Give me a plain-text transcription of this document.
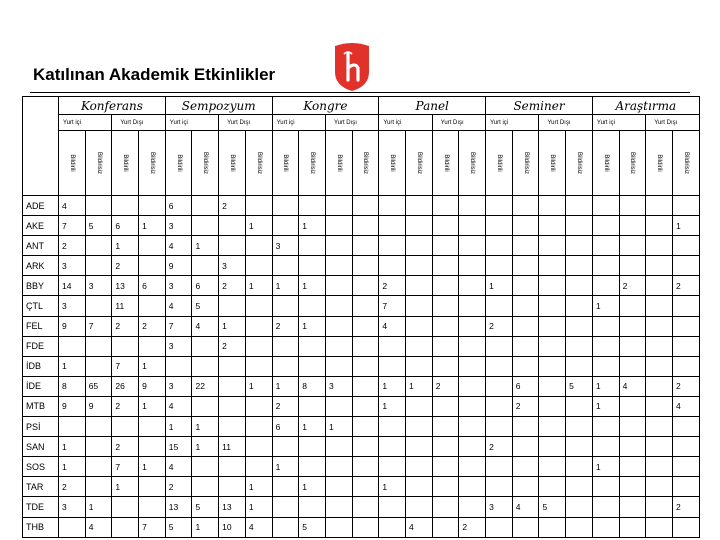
Katılınan Akademik Etkinlikler
	Konferans				Sempozyum				Kongre				Panel				Seminer				Araştırma			

	Yurt içi		Yurt Dışı		Yurt içi		Yurt Dışı		Yurt içi		Yurt Dışı		Yurt içi		Yurt Dışı		Yurt içi		Yurt Dışı		Yurt içi		Yurt Dışı	

	Bildirili	Bildirisiz	Bildirili	Bildirisiz	Bildirili	Bildirisiz	Bildirili	Bildirisiz	Bildirili	Bildirisiz	Bildirili	Bildirisiz	Bildirili	Bildirisiz	Bildirili	Bildirisiz	Bildirili	Bildirisiz	Bildirili	Bildirisiz	Bildirili	Bildirisiz	Bildirili	Bildirisiz

ADE	4				6		2																	
AKE	7	5	6	1	3			1		1														1
ANT	2		1		4	1			3															
ARK	3		2		9		3																	
BBY	14	3	13	6	3	6	2	1	1	1			2				1					2		2
ÇTL	3		11		4	5							7								1			
FEL	9	7	2	2	7	4	1		2	1			4				2							
FDE					3		2																	
İDB	1		7	1																				
İDE	8	65	26	9	3	22		1	1	8	3		1	1	2			6		5	1	4		2
MTB	9	9	2	1	4				2				1					2			1			4
PSİ					1	1			6	1	1													
SAN	1		2		15	1	11										2							
SOS	1		7	1	4				1												1			
TAR	2		1		2			1		1			1											
TDE	3	1			13	5	13	1									3	4	5					2
THB		4		7	5	1	10	4		5				4		2								
